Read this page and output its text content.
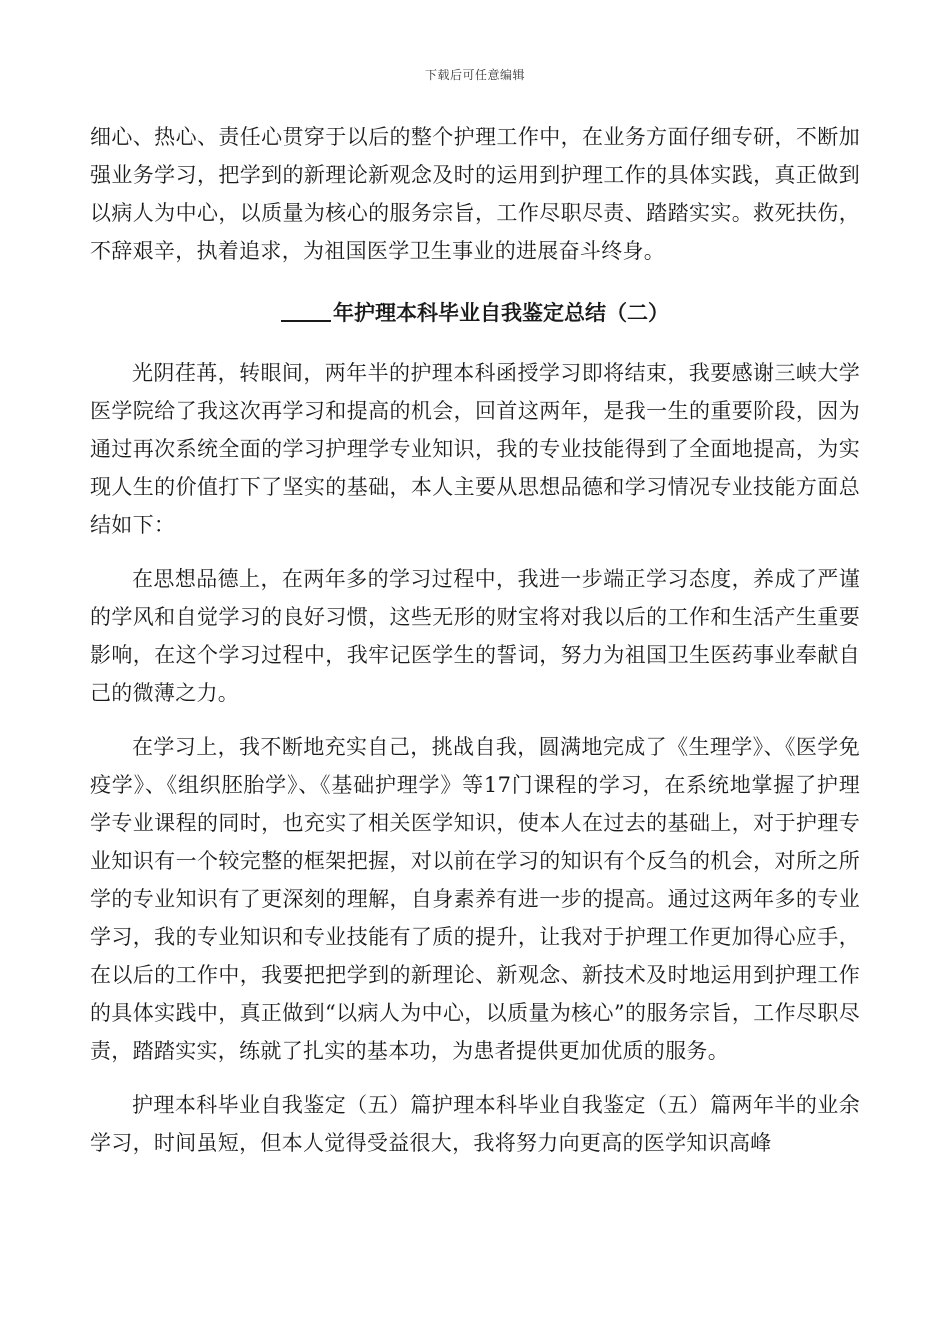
下载后可任意编辑

细心、热心、责任心贯穿于以后的整个护理工作中，在业务方面仔细专研，不断加强业务学习，把学到的新理论新观念及时的运用到护理工作的具体实践，真正做到以病人为中心，以质量为核心的服务宗旨，工作尽职尽责、踏踏实实。救死扶伤，不辞艰辛，执着追求，为祖国医学卫生事业的进展奋斗终身。

年护理本科毕业自我鉴定总结（二）

光阴荏苒，转眼间，两年半的护理本科函授学习即将结束，我要感谢三峡大学医学院给了我这次再学习和提高的机会，回首这两年，是我一生的重要阶段，因为通过再次系统全面的学习护理学专业知识，我的专业技能得到了全面地提高，为实现人生的价值打下了坚实的基础，本人主要从思想品德和学习情况专业技能方面总结如下：

在思想品德上，在两年多的学习过程中，我进一步端正学习态度，养成了严谨的学风和自觉学习的良好习惯，这些无形的财宝将对我以后的工作和生活产生重要影响，在这个学习过程中，我牢记医学生的誓词，努力为祖国卫生医药事业奉献自己的微薄之力。

在学习上，我不断地充实自己，挑战自我，圆满地完成了《生理学》、《医学免疫学》、《组织胚胎学》、《基础护理学》等17门课程的学习，在系统地掌握了护理学专业课程的同时，也充实了相关医学知识，使本人在过去的基础上，对于护理专业知识有一个较完整的框架把握，对以前在学习的知识有个反刍的机会，对所之所学的专业知识有了更深刻的理解，自身素养有进一步的提高。通过这两年多的专业学习，我的专业知识和专业技能有了质的提升，让我对于护理工作更加得心应手，在以后的工作中，我要把把学到的新理论、新观念、新技术及时地运用到护理工作的具体实践中，真正做到“以病人为中心，以质量为核心”的服务宗旨，工作尽职尽责，踏踏实实，练就了扎实的基本功，为患者提供更加优质的服务。

护理本科毕业自我鉴定（五）篇护理本科毕业自我鉴定（五）篇两年半的业余学习，时间虽短，但本人觉得受益很大，我将努力向更高的医学知识高峰
